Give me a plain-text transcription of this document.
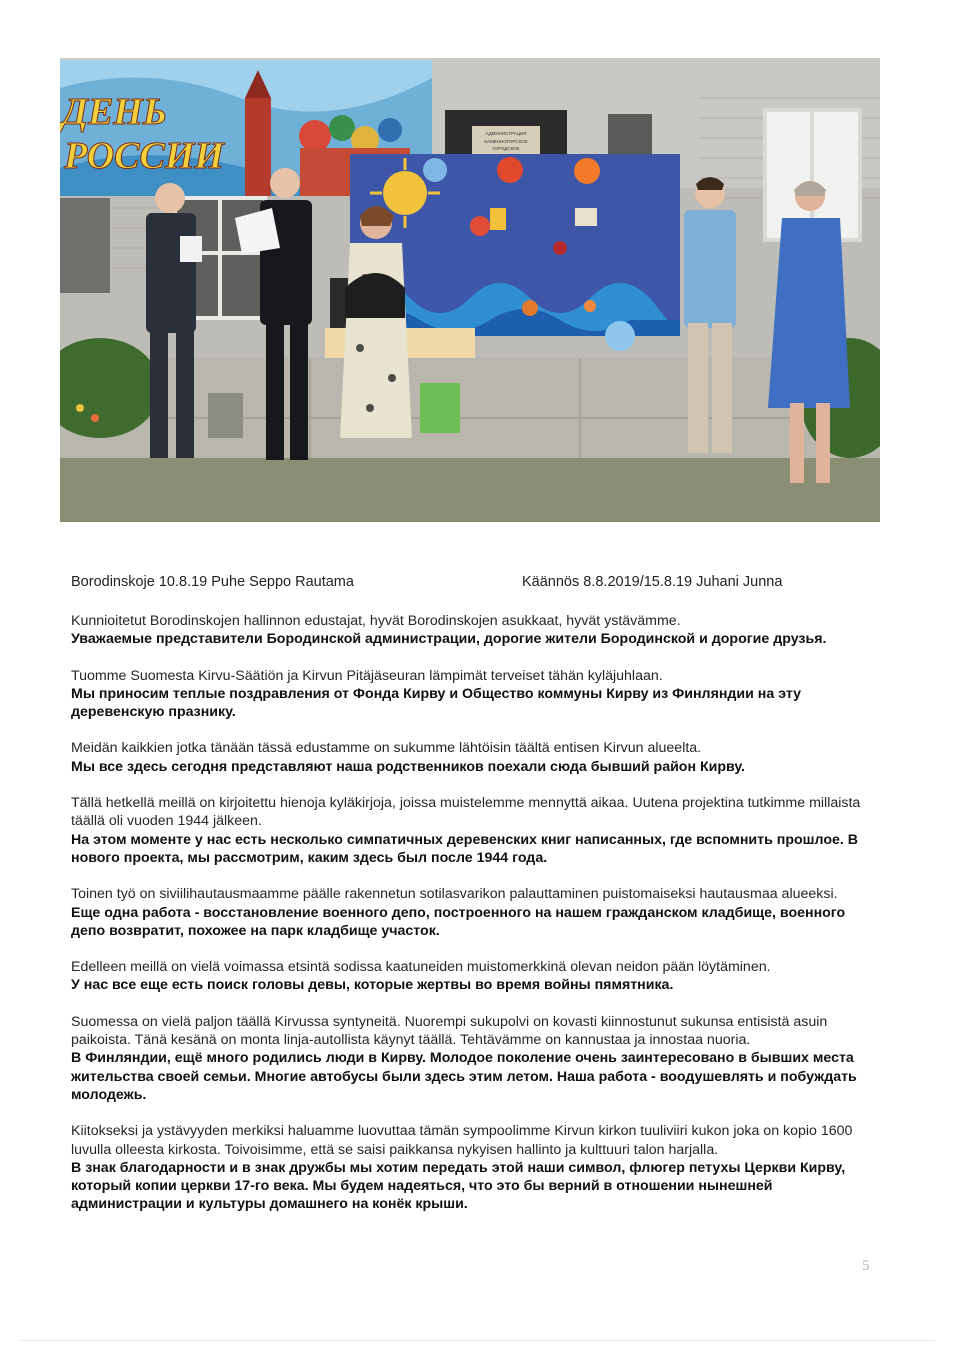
ДЕНЬ
РОССИИ
АДМИНИСТРАЦИЯ
КАМЕННОГОРСКОЕ
ГОРОДСКОЕ
Borodinskoje 10.8.19 Puhe Seppo Rautama	Käännös 8.8.2019/15.8.19 Juhani Junna

Kunnioitetut Borodinskojen hallinnon edustajat, hyvät Borodinskojen asukkaat, hyvät ystävämme.
Уважаемые представители Бородинской администрации, дорогие жители Бородинской и дорогие друзья.

Tuomme Suomesta Kirvu-Säätiön ja Kirvun Pitäjäseuran lämpimät terveiset tähän kyläjuhlaan.
Мы приносим теплые поздравления от Фонда Кирву и Общество коммуны Кирву из Финляндии на эту деревенскую празнику.

Meidän kaikkien jotka tänään tässä edustamme on sukumme lähtöisin täältä entisen Kirvun alueelta.
Мы все здесь сегодня представляют наша родственников поехали сюда бывший район Кирву.

Tällä hetkellä meillä on kirjoitettu hienoja kyläkirjoja, joissa muistelemme mennyttä aikaa. Uutena projektina tutkimme millaista täällä oli vuoden 1944 jälkeen.
На этом моменте у нас есть несколько симпатичных деревенских книг написанных, где вспомнить прошлое. В нового проекта, мы рассмотрим, каким здесь был после 1944 года.

Toinen työ on siviilihautausmaamme päälle rakennetun sotilasvarikon palauttaminen puistomaiseksi hautausmaa alueeksi.
Еще одна работа - восстановление военного депо, построенного на нашем гражданском кладбище, военного депо возвратит, похожее на парк кладбище участок.

Edelleen meillä on vielä voimassa etsintä sodissa kaatuneiden muistomerkkinä olevan neidon pään löytäminen.
У нас все еще есть поиск головы девы, которые жертвы во время войны пямятника.

Suomessa on vielä paljon täällä Kirvussa syntyneitä. Nuorempi sukupolvi on kovasti kiinnostunut sukunsa entisistä asuin paikoista. Tänä kesänä on monta linja-autollista käynyt täällä. Tehtävämme on kannustaa ja innostaa nuoria.
В Финляндии, ещё много родились люди в Кирву. Молодое поколение очень заинтересовано в бывших места жительства своей семьи. Многие автобусы были здесь этим летом. Наша работа - воодушевлять и побуждать молодежь.

Kiitokseksi ja ystävyyden merkiksi haluamme luovuttaa tämän sympoolimme Kirvun kirkon tuuliviiri kukon joka on kopio 1600 luvulla olleesta kirkosta. Toivoisimme, että se saisi paikkansa nykyisen hallinto ja kulttuuri talon harjalla.
В знак благодарности и в знак дружбы мы хотим передать этой наши символ, флюгер петухы Церкви Кирву, который копии церкви 17-го века. Мы будем надеяться, что это бы верний в отношении нынешней администрации и культуры домашнего на конёк крыши.

5
